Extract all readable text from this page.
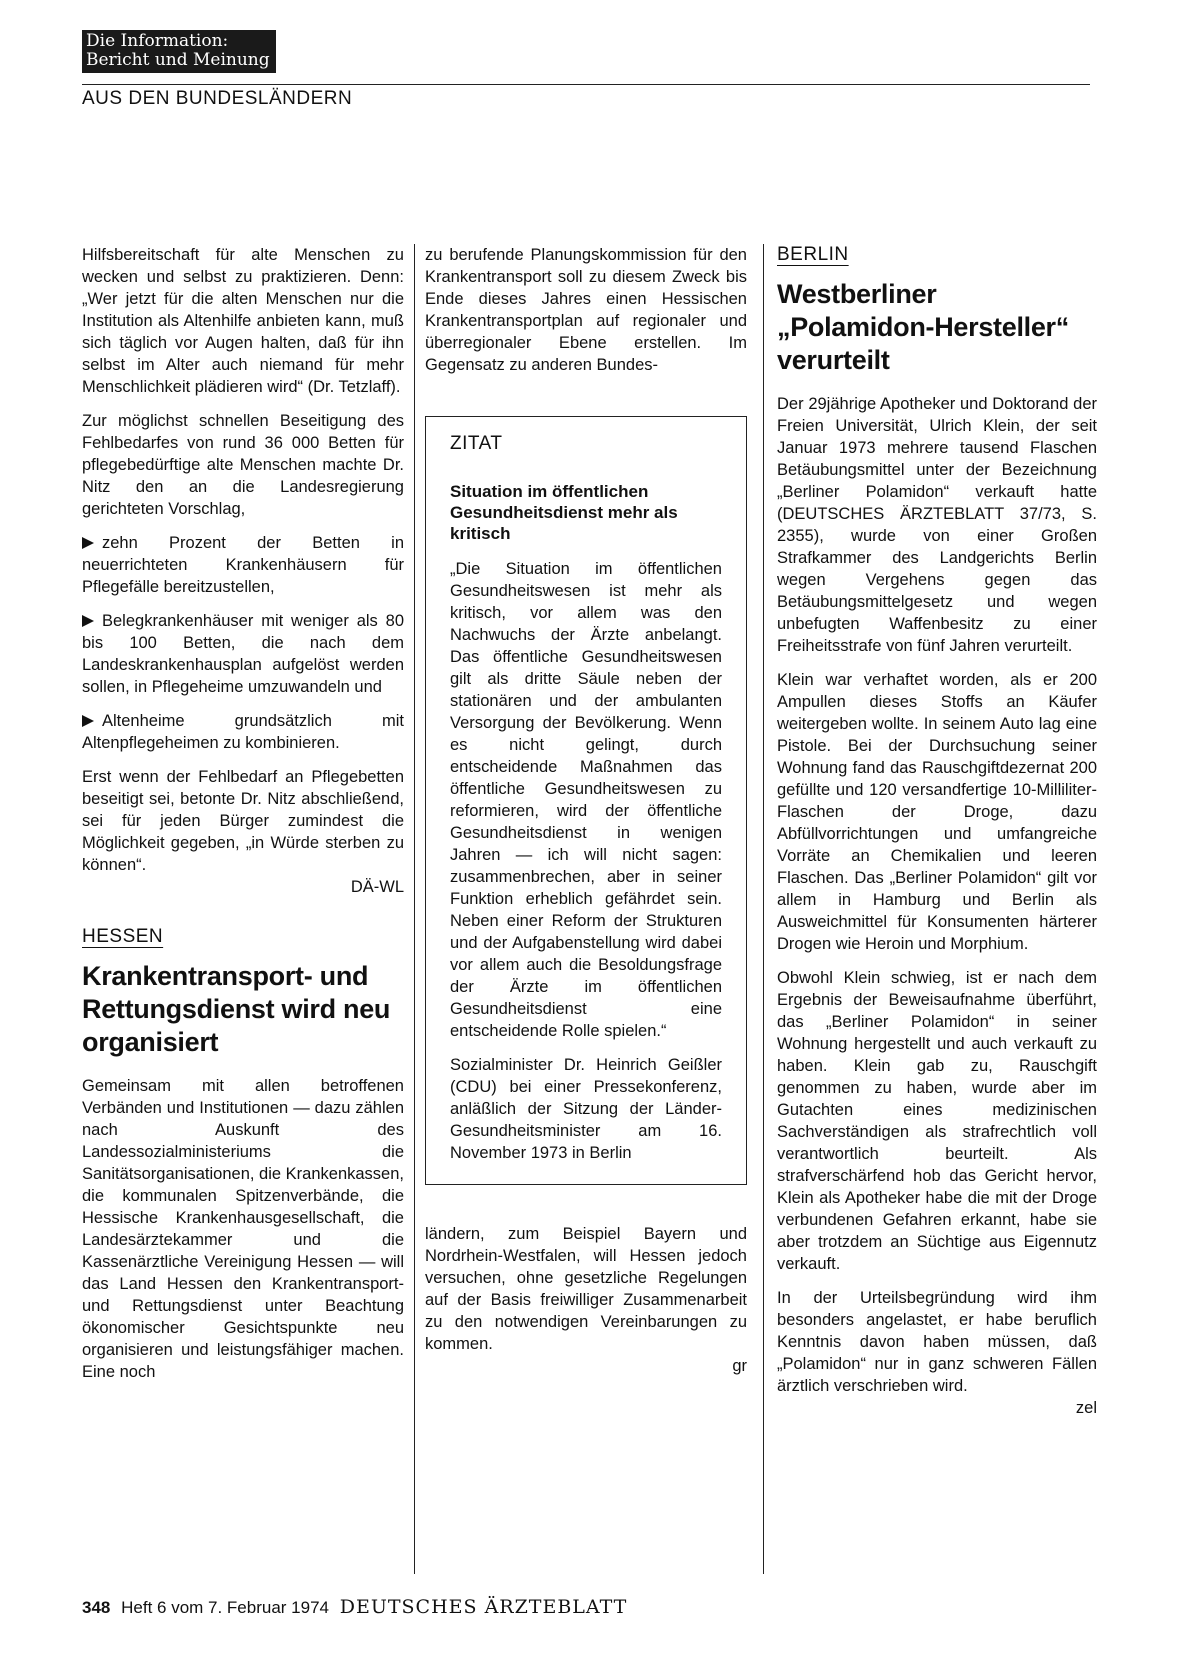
Die Information:
Bericht und Meinung
AUS DEN BUNDESLÄNDERN

Hilfsbereitschaft für alte Menschen zu wecken und selbst zu praktizieren. Denn: „Wer jetzt für die alten Menschen nur die Institution als Altenhilfe anbieten kann, muß sich täglich vor Augen halten, daß für ihn selbst im Alter auch niemand für mehr Menschlichkeit plädieren wird“ (Dr. Tetzlaff).

Zur möglichst schnellen Beseitigung des Fehlbedarfes von rund 36 000 Betten für pflegebedürftige alte Menschen machte Dr. Nitz den an die Landesregierung gerichteten Vorschlag,

zehn Prozent der Betten in neuerrichteten Krankenhäusern für Pflegefälle bereitzustellen,

Belegkrankenhäuser mit weniger als 80 bis 100 Betten, die nach dem Landeskrankenhausplan aufgelöst werden sollen, in Pflegeheime umzuwandeln und

Altenheime grundsätzlich mit Altenpflegeheimen zu kombinieren.

Erst wenn der Fehlbedarf an Pflegebetten beseitigt sei, betonte Dr. Nitz abschließend, sei für jeden Bürger zumindest die Möglichkeit gegeben, „in Würde sterben zu können“.
DÄ-WL

HESSEN
Krankentransport- und Rettungsdienst wird neu organisiert

Gemeinsam mit allen betroffenen Verbänden und Institutionen — dazu zählen nach Auskunft des Landessozialministeriums die Sanitätsorganisationen, die Krankenkassen, die kommunalen Spitzenverbände, die Hessische Krankenhausgesellschaft, die Landesärztekammer und die Kassenärztliche Vereinigung Hessen — will das Land Hessen den Krankentransport- und Rettungsdienst unter Beachtung ökonomischer Gesichtspunkte neu organisieren und leistungsfähiger machen. Eine noch

zu berufende Planungskommission für den Krankentransport soll zu diesem Zweck bis Ende dieses Jahres einen Hessischen Krankentransportplan auf regionaler und überregionaler Ebene erstellen. Im Gegensatz zu anderen Bundes-

ZITAT
Situation im öffentlichen Gesundheitsdienst mehr als kritisch

„Die Situation im öffentlichen Gesundheitswesen ist mehr als kritisch, vor allem was den Nachwuchs der Ärzte anbelangt. Das öffentliche Gesundheitswesen gilt als dritte Säule neben der stationären und der ambulanten Versorgung der Bevölkerung. Wenn es nicht gelingt, durch entscheidende Maßnahmen das öffentliche Gesundheitswesen zu reformieren, wird der öffentliche Gesundheitsdienst in wenigen Jahren — ich will nicht sagen: zusammenbrechen, aber in seiner Funktion erheblich gefährdet sein. Neben einer Reform der Strukturen und der Aufgabenstellung wird dabei vor allem auch die Besoldungsfrage der Ärzte im öffentlichen Gesundheitsdienst eine entscheidende Rolle spielen.“

Sozialminister Dr. Heinrich Geißler (CDU) bei einer Pressekonferenz, anläßlich der Sitzung der Länder-Gesundheitsminister am 16. November 1973 in Berlin

ländern, zum Beispiel Bayern und Nordrhein-Westfalen, will Hessen jedoch versuchen, ohne gesetzliche Regelungen auf der Basis freiwilliger Zusammenarbeit zu den notwendigen Vereinbarungen zu kommen.
gr

BERLIN
Westberliner „Polamidon-Hersteller“ verurteilt

Der 29jährige Apotheker und Doktorand der Freien Universität, Ulrich Klein, der seit Januar 1973 mehrere tausend Flaschen Betäubungsmittel unter der Bezeichnung „Berliner Polamidon“ verkauft hatte (DEUTSCHES ÄRZTEBLATT 37/73, S. 2355), wurde von einer Großen Strafkammer des Landgerichts Berlin wegen Vergehens gegen das Betäubungsmittelgesetz und wegen unbefugten Waffenbesitz zu einer Freiheitsstrafe von fünf Jahren verurteilt.

Klein war verhaftet worden, als er 200 Ampullen dieses Stoffs an Käufer weitergeben wollte. In seinem Auto lag eine Pistole. Bei der Durchsuchung seiner Wohnung fand das Rauschgiftdezernat 200 gefüllte und 120 versandfertige 10-Milliliter-Flaschen der Droge, dazu Abfüllvorrichtungen und umfangreiche Vorräte an Chemikalien und leeren Flaschen. Das „Berliner Polamidon“ gilt vor allem in Hamburg und Berlin als Ausweichmittel für Konsumenten härterer Drogen wie Heroin und Morphium.

Obwohl Klein schwieg, ist er nach dem Ergebnis der Beweisaufnahme überführt, das „Berliner Polamidon“ in seiner Wohnung hergestellt und auch verkauft zu haben. Klein gab zu, Rauschgift genommen zu haben, wurde aber im Gutachten eines medizinischen Sachverständigen als strafrechtlich voll verantwortlich beurteilt. Als strafverschärfend hob das Gericht hervor, Klein als Apotheker habe die mit der Droge verbundenen Gefahren erkannt, habe sie aber trotzdem an Süchtige aus Eigennutz verkauft.

In der Urteilsbegründung wird ihm besonders angelastet, er habe beruflich Kenntnis davon haben müssen, daß „Polamidon“ nur in ganz schweren Fällen ärztlich verschrieben wird.
zel

348 Heft 6 vom 7. Februar 1974 DEUTSCHES ÄRZTEBLATT
